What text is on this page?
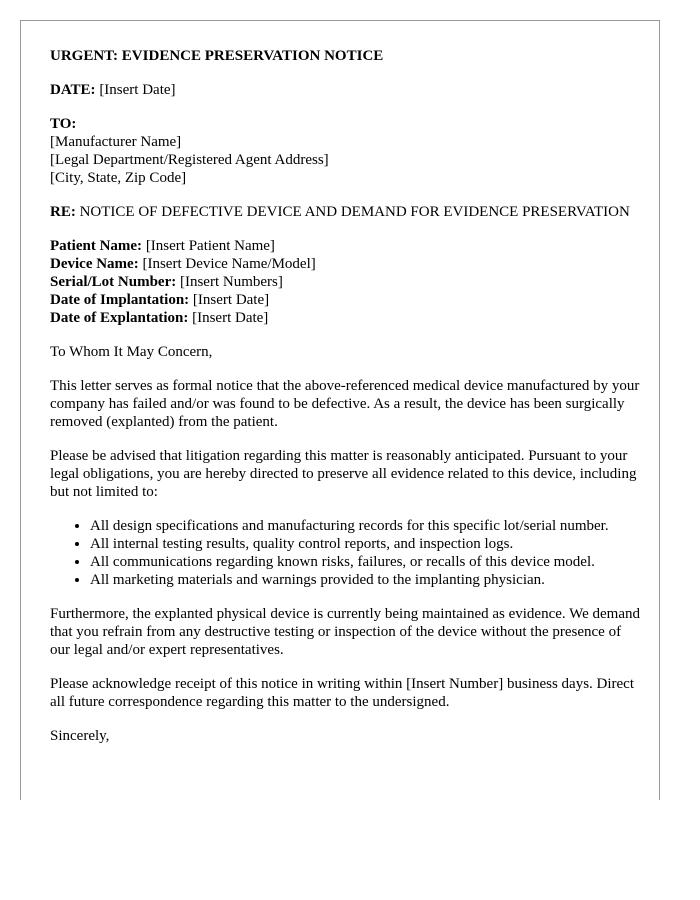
URGENT: EVIDENCE PRESERVATION NOTICE

DATE: [Insert Date]

TO:
[Manufacturer Name]
[Legal Department/Registered Agent Address]
[City, State, Zip Code]

RE: NOTICE OF DEFECTIVE DEVICE AND DEMAND FOR EVIDENCE PRESERVATION

Patient Name: [Insert Patient Name]
Device Name: [Insert Device Name/Model]
Serial/Lot Number: [Insert Numbers]
Date of Implantation: [Insert Date]
Date of Explantation: [Insert Date]

To Whom It May Concern,

This letter serves as formal notice that the above-referenced medical device manufactured by your company has failed and/or was found to be defective. As a result, the device has been surgically removed (explanted) from the patient.

Please be advised that litigation regarding this matter is reasonably anticipated. Pursuant to your legal obligations, you are hereby directed to preserve all evidence related to this device, including but not limited to:

• All design specifications and manufacturing records for this specific lot/serial number.
• All internal testing results, quality control reports, and inspection logs.
• All communications regarding known risks, failures, or recalls of this device model.
• All marketing materials and warnings provided to the implanting physician.

Furthermore, the explanted physical device is currently being maintained as evidence. We demand that you refrain from any destructive testing or inspection of the device without the presence of our legal and/or expert representatives.

Please acknowledge receipt of this notice in writing within [Insert Number] business days. Direct all future correspondence regarding this matter to the undersigned.

Sincerely,
